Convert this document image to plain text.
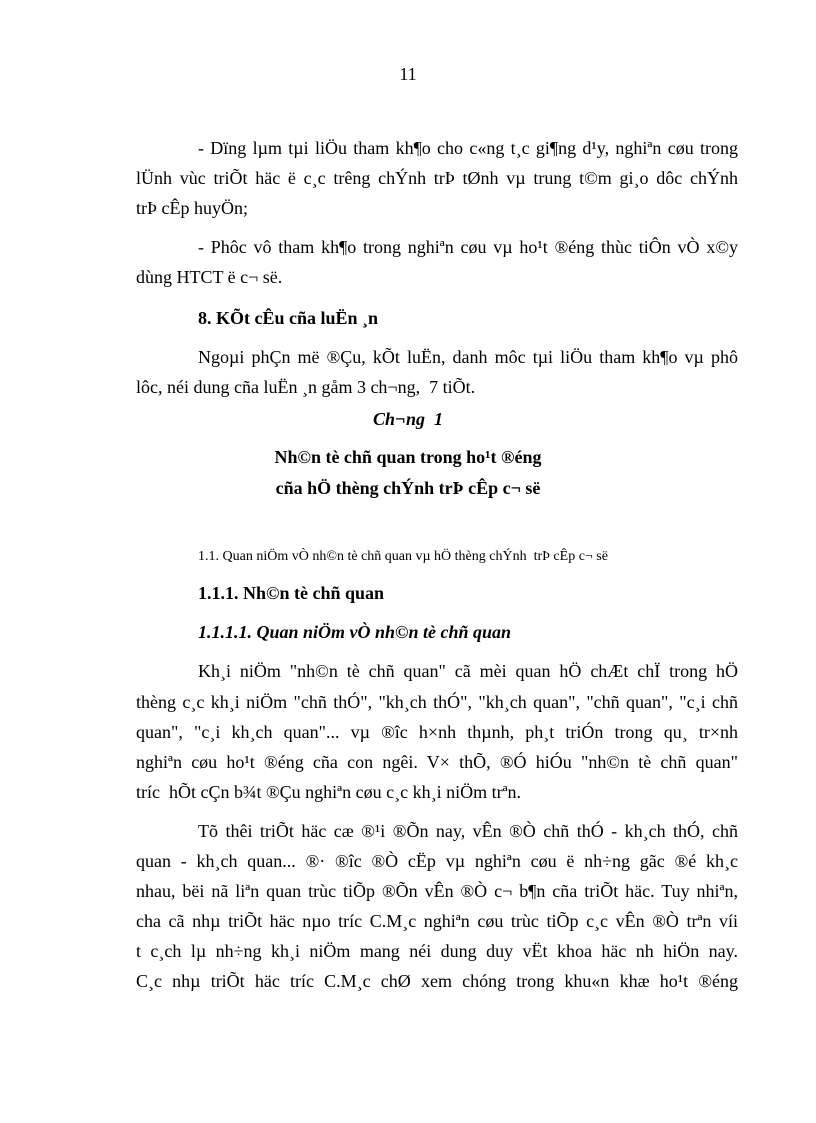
11
- Dïng lµm tµi liÖu tham kh¶o cho c«ng t¸c gi¶ng d¹y, nghiªn cøu trong
lÜnh vùc triÕt häc ë c¸c trêng chÝnh trÞ tØnh vµ trung t©m gi¸o dôc chÝnh
trÞ cÊp huyÖn;
- Phôc vô tham kh¶o trong nghiªn cøu vµ ho¹t ®éng thùc tiÔn vÒ x©y
dùng HTCT ë c¬ së.
8. KÕt cÊu cña luËn ¸n
Ngoµi phÇn më ®Çu, kÕt luËn, danh môc tµi liÖu tham kh¶o vµ phô
lôc, néi dung cña luËn ¸n gåm 3 ch¬ng,  7 tiÕt.
Ch¬ng  1
Nh©n tè chñ quan trong ho¹t ®éng
cña hÖ thèng chÝnh trÞ cÊp c¬ së
1.1. Quan niÖm vÒ nh©n tè chñ quan vµ hÖ thèng chÝnh  trÞ cÊp c¬ së
1.1.1. Nh©n tè chñ quan
1.1.1.1. Quan niÖm vÒ nh©n tè chñ quan
Kh¸i niÖm "nh©n tè chñ quan" cã mèi quan hÖ chÆt chÏ trong hÖ
thèng c¸c kh¸i niÖm "chñ thÓ", "kh¸ch thÓ", "kh¸ch quan", "chñ quan", "c¸i chñ
quan", "c¸i kh¸ch quan"... vµ ®îc h×nh thµnh, ph¸t triÓn trong qu¸ tr×nh
nghiªn cøu ho¹t ®éng cña con ngêi. V× thÕ, ®Ó hiÓu "nh©n tè chñ quan"
tríc  hÕt cÇn b¾t ®Çu nghiªn cøu c¸c kh¸i niÖm trªn.
Tõ thêi triÕt häc cæ ®¹i ®Õn nay, vÊn ®Ò chñ thÓ - kh¸ch thÓ, chñ
quan - kh¸ch quan... ®· ®îc ®Ò cËp vµ nghiªn cøu ë nh÷ng gãc ®é kh¸c
nhau, bëi nã liªn quan trùc tiÕp ®Õn vÊn ®Ò c¬ b¶n cña triÕt häc. Tuy nhiªn,
cha cã nhµ triÕt häc nµo tríc C.M¸c nghiªn cøu trùc tiÕp c¸c vÊn ®Ò trªn víi
t c¸ch lµ nh÷ng kh¸i niÖm mang néi dung duy vËt khoa häc nh hiÖn nay.
C¸c nhµ triÕt häc tríc C.M¸c chØ xem chóng trong khu«n khæ ho¹t ®éng
